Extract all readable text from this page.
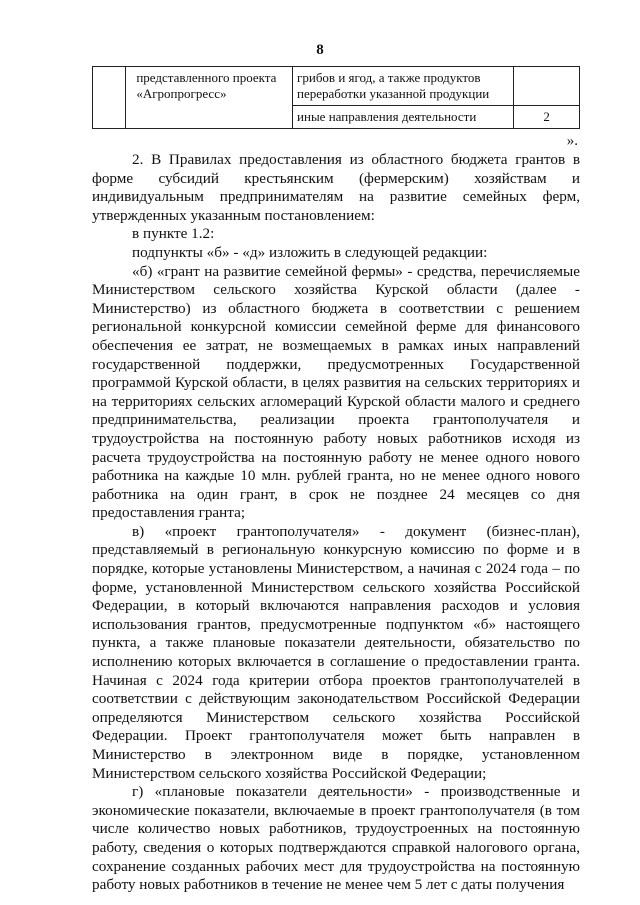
8
	представленного проекта «Агропрогресс»	грибов и ягод, а также продуктов переработки указанной продукции	
		иные направления деятельности	2
».

2. В Правилах предоставления из областного бюджета грантов в форме субсидий крестьянским (фермерским) хозяйствам и индивидуальным предпринимателям на развитие семейных ферм, утвержденных указанным постановлением:

в пункте 1.2:

подпункты «б» - «д» изложить в следующей редакции:

«б) «грант на развитие семейной фермы» - средства, перечисляемые Министерством сельского хозяйства Курской области (далее - Министерство) из областного бюджета в соответствии с решением региональной конкурсной комиссии семейной ферме для финансового обеспечения ее затрат, не возмещаемых в рамках иных направлений государственной поддержки, предусмотренных Государственной программой Курской области, в целях развития на сельских территориях и на территориях сельских агломераций Курской области малого и среднего предпринимательства, реализации проекта грантополучателя и трудоустройства на постоянную работу новых работников исходя из расчета трудоустройства на постоянную работу не менее одного нового работника на каждые 10 млн. рублей гранта, но не менее одного нового работника на один грант, в срок не позднее 24 месяцев со дня предоставления гранта;

в) «проект грантополучателя» - документ (бизнес-план), представляемый в региональную конкурсную комиссию по форме и в порядке, которые установлены Министерством, а начиная с 2024 года – по форме, установленной Министерством сельского хозяйства Российской Федерации, в который включаются направления расходов и условия использования грантов, предусмотренные подпунктом «б» настоящего пункта, а также плановые показатели деятельности, обязательство по исполнению которых включается в соглашение о предоставлении гранта. Начиная с 2024 года критерии отбора проектов грантополучателей в соответствии с действующим законодательством Российской Федерации определяются Министерством сельского хозяйства Российской Федерации. Проект грантополучателя может быть направлен в Министерство в электронном виде в порядке, установленном Министерством сельского хозяйства Российской Федерации;

г) «плановые показатели деятельности» - производственные и экономические показатели, включаемые в проект грантополучателя (в том числе количество новых работников, трудоустроенных на постоянную работу, сведения о которых подтверждаются справкой налогового органа, сохранение созданных рабочих мест для трудоустройства на постоянную работу новых работников в течение не менее чем 5 лет с даты получения
